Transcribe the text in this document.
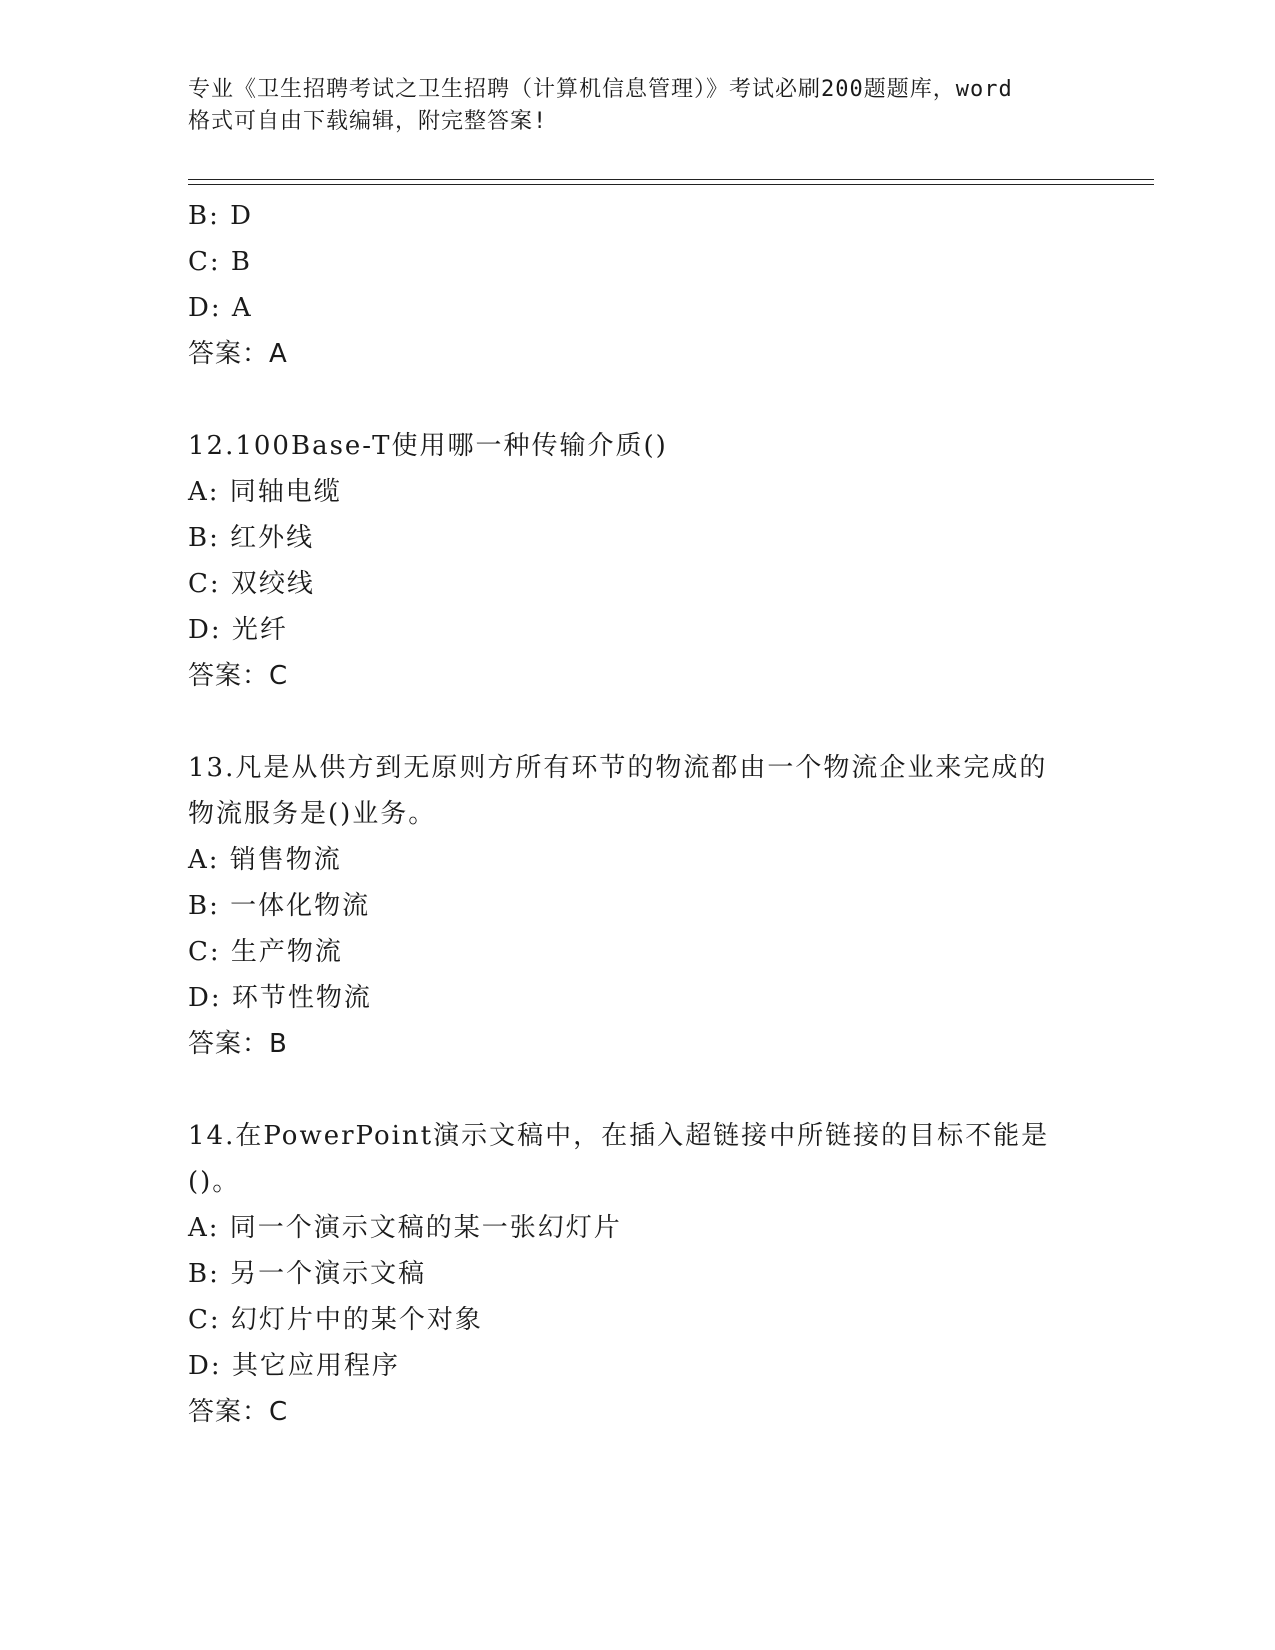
专业《卫生招聘考试之卫生招聘（计算机信息管理）》考试必刷200题题库，word
格式可自由下载编辑，附完整答案!
B: D
C: B
D: A
答案：A
12.100Base-T使用哪一种传输介质()
A: 同轴电缆
B: 红外线
C: 双绞线
D: 光纤
答案：C
13.凡是从供方到无原则方所有环节的物流都由一个物流企业来完成的
物流服务是()业务。
A: 销售物流
B: 一体化物流
C: 生产物流
D: 环节性物流
答案：B
14.在PowerPoint演示文稿中，在插入超链接中所链接的目标不能是
()。
A: 同一个演示文稿的某一张幻灯片
B: 另一个演示文稿
C: 幻灯片中的某个对象
D: 其它应用程序
答案：C
